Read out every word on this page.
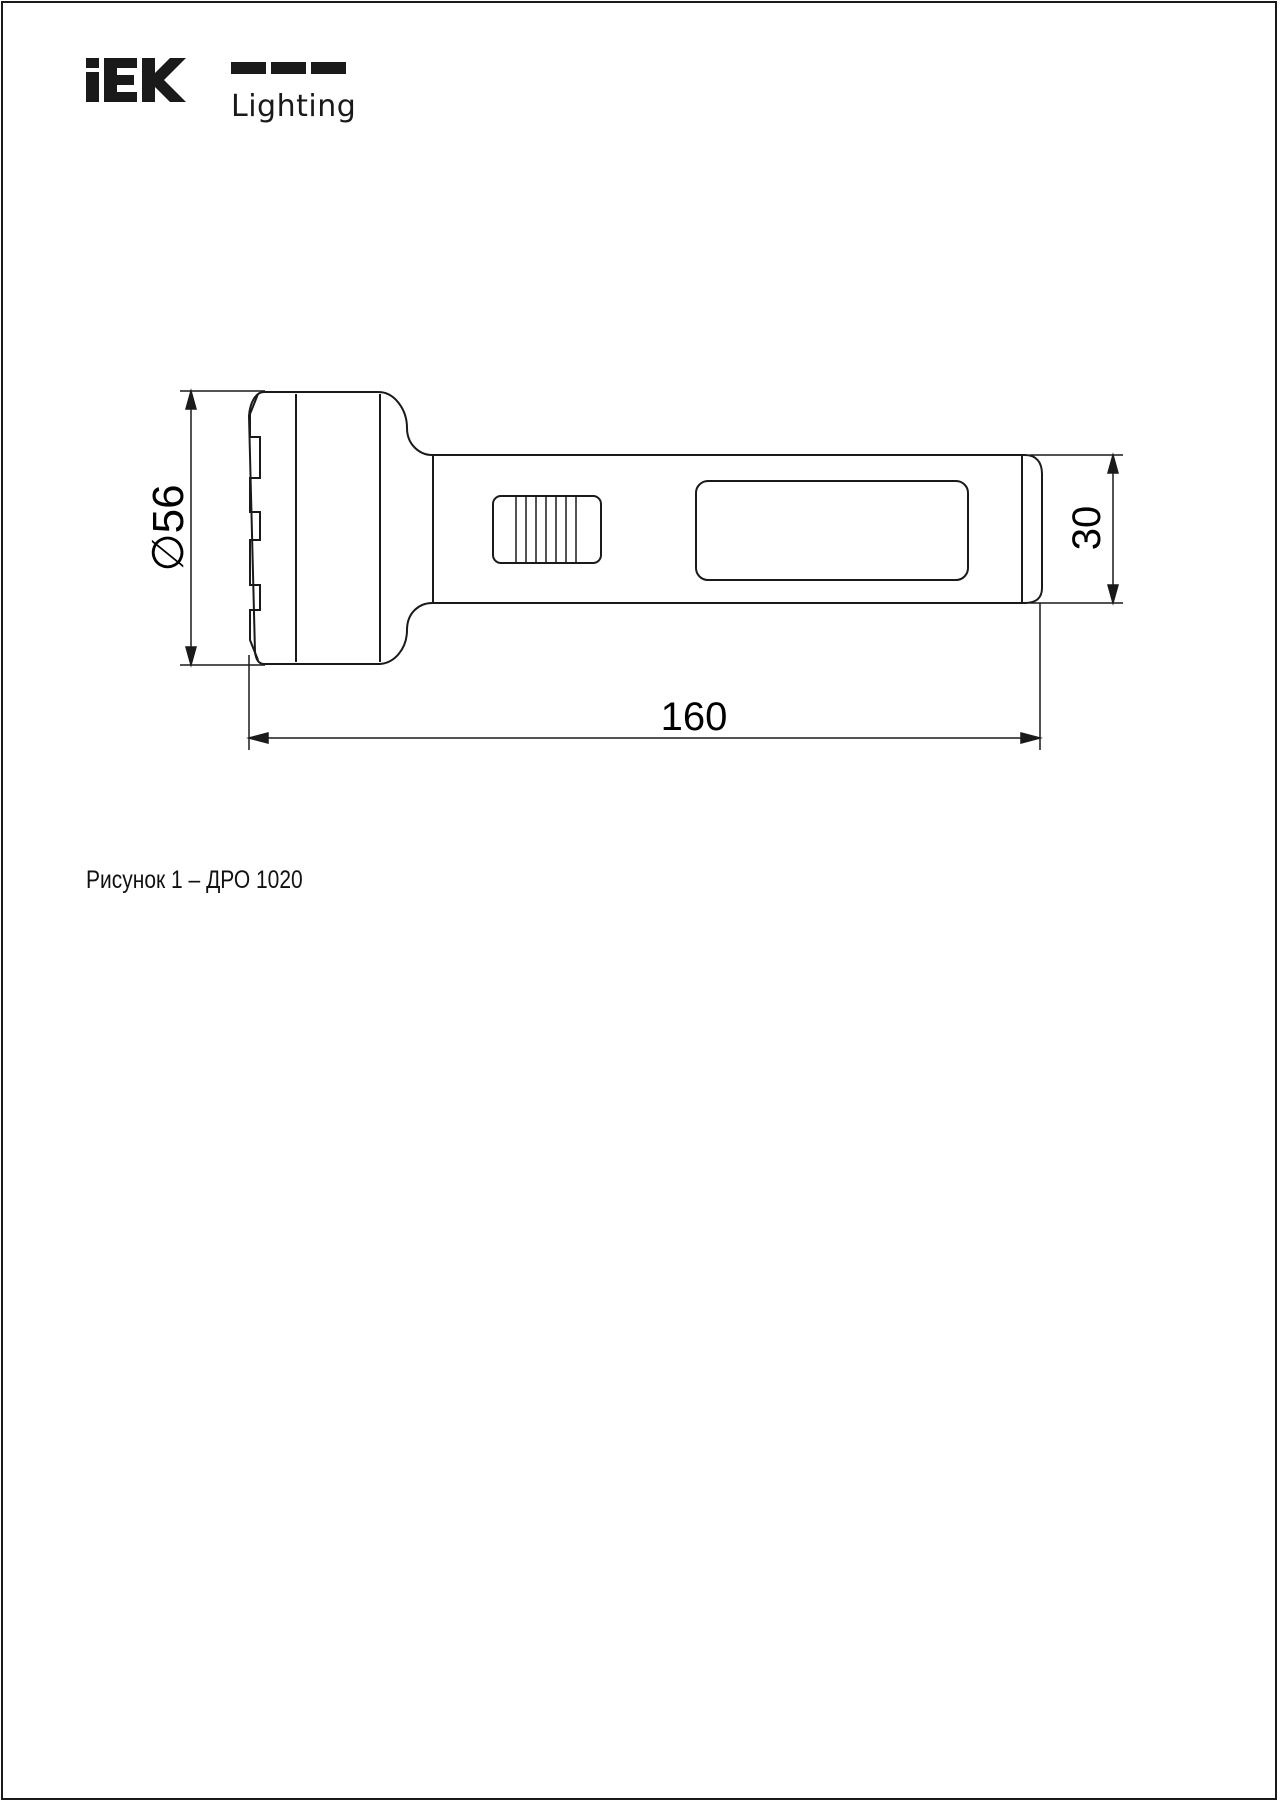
Lighting
∅56	30
160
Рисунок 1 – ДРО 1020
